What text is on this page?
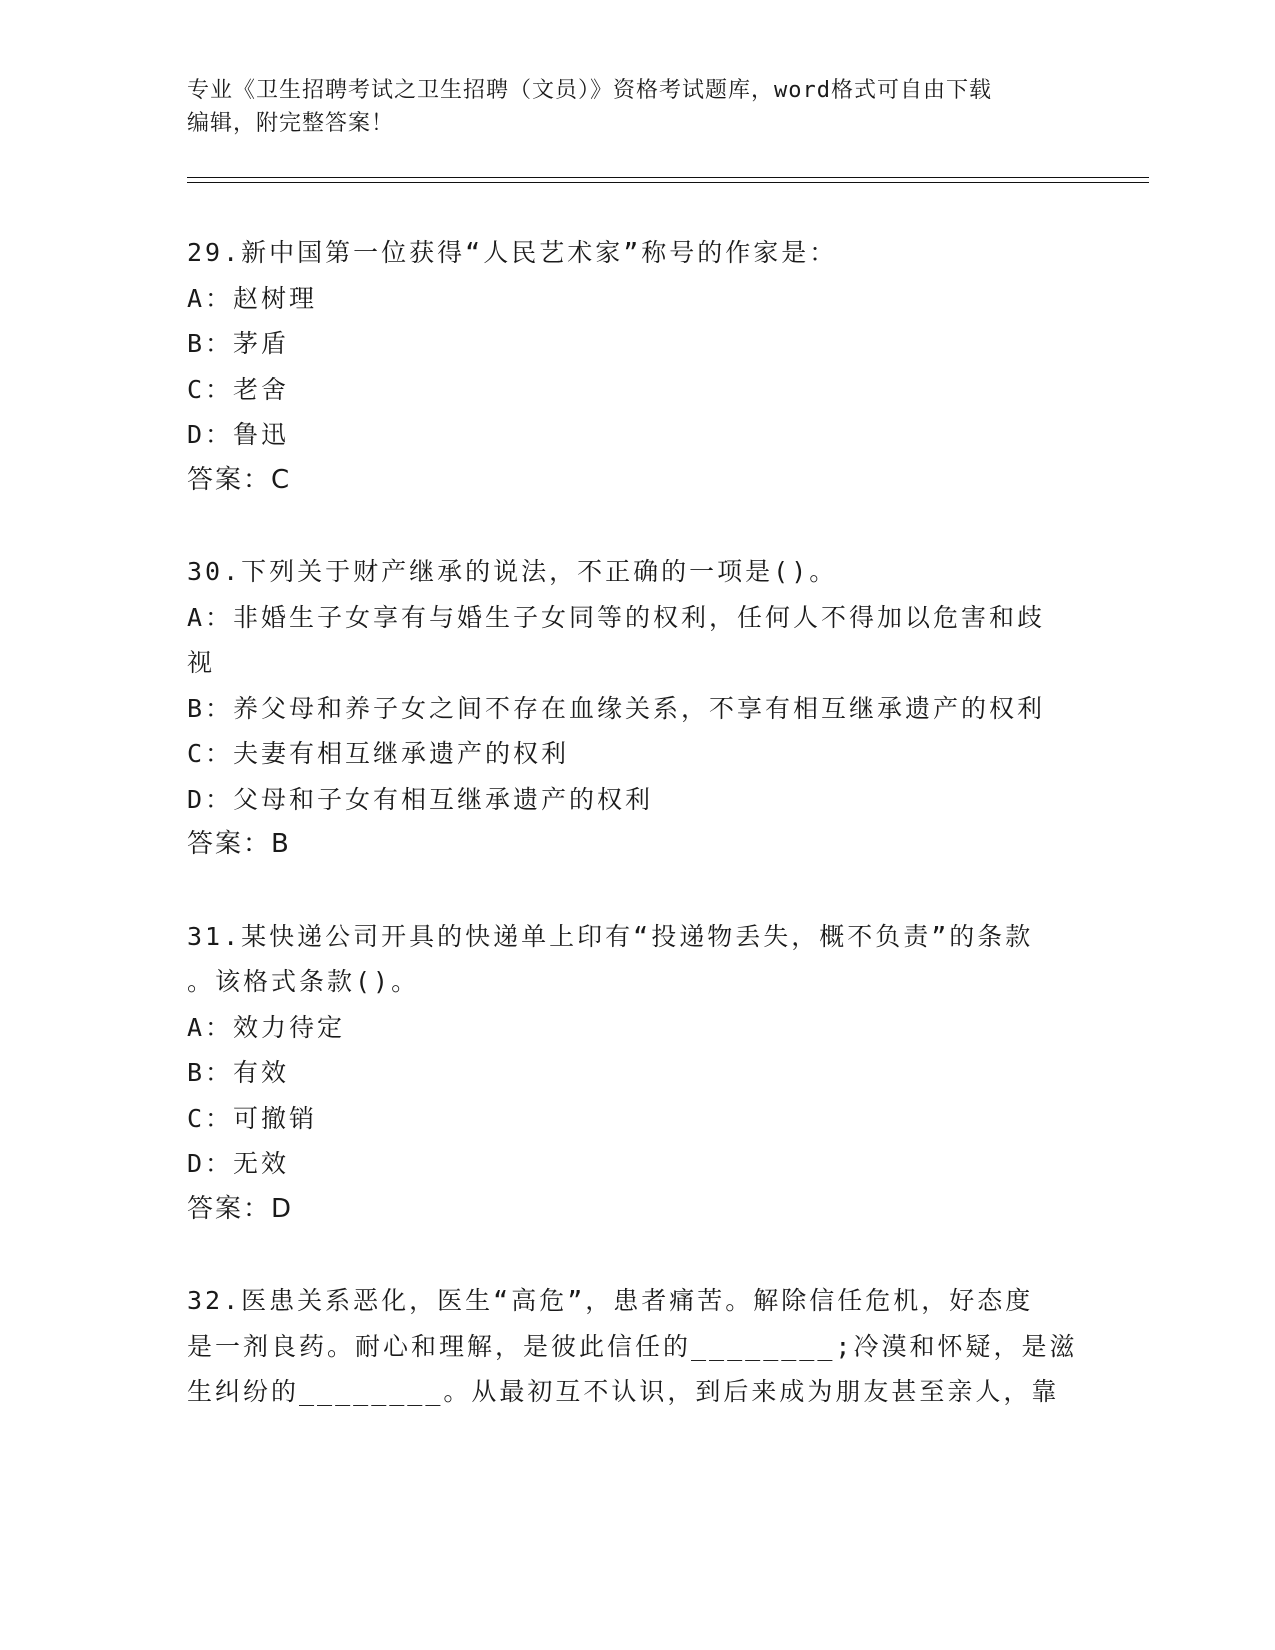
专业《卫生招聘考试之卫生招聘（文员）》资格考试题库，word格式可自由下载
编辑，附完整答案！
29.新中国第一位获得“人民艺术家”称号的作家是：
A：赵树理
B：茅盾
C：老舍
D：鲁迅
答案：C
30.下列关于财产继承的说法，不正确的一项是()。
A：非婚生子女享有与婚生子女同等的权利，任何人不得加以危害和歧
视
B：养父母和养子女之间不存在血缘关系，不享有相互继承遗产的权利
C：夫妻有相互继承遗产的权利
D：父母和子女有相互继承遗产的权利
答案：B
31.某快递公司开具的快递单上印有“投递物丢失，概不负责”的条款
。该格式条款()。
A：效力待定
B：有效
C：可撤销
D：无效
答案：D
32.医患关系恶化，医生“高危”，患者痛苦。解除信任危机，好态度
是一剂良药。耐心和理解，是彼此信任的________;冷漠和怀疑，是滋
生纠纷的________。从最初互不认识，到后来成为朋友甚至亲人，靠
